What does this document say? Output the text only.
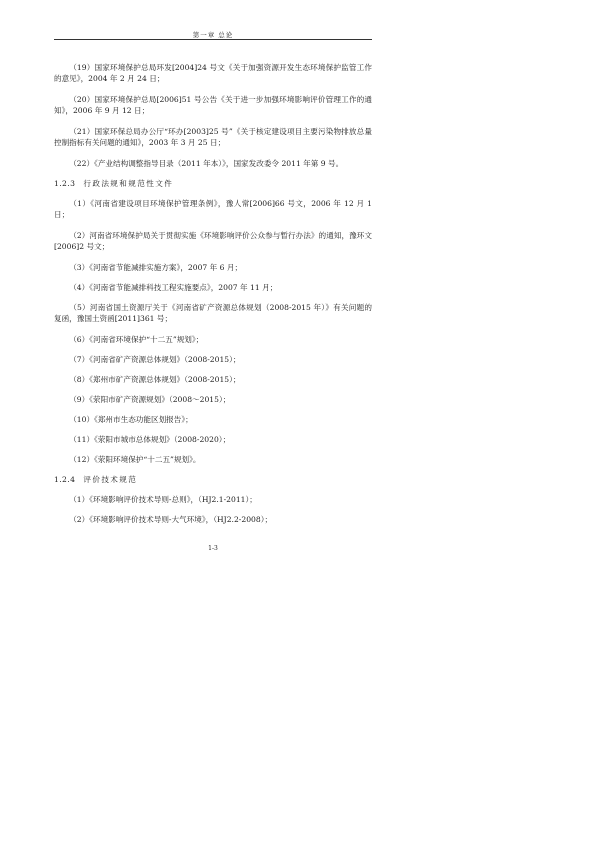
第一章 总论

（19）国家环境保护总局环发[2004]24 号文《关于加强资源开发生态环境保护监管工作的意见》，2004 年 2 月 24 日；

（20）国家环境保护总局[2006]51 号公告《关于进一步加强环境影响评价管理工作的通知》，2006 年 9 月 12 日；

（21）国家环保总局办公厅“环办[2003]25 号”《关于核定建设项目主要污染物排放总量控制指标有关问题的通知》，2003 年 3 月 25 日；

（22）《产业结构调整指导目录（2011 年本）》，国家发改委令 2011 年第 9 号。

1.2.3 行政法规和规范性文件

（1）《河南省建设项目环境保护管理条例》，豫人常[2006]66 号文，2006 年 12 月 1 日；

（2）河南省环境保护局关于贯彻实施《环境影响评价公众参与暂行办法》的通知，豫环文[2006]2 号文；

（3）《河南省节能减排实施方案》，2007 年 6 月；

（4）《河南省节能减排科技工程实施要点》，2007 年 11 月；

（5）河南省国土资源厅关于《河南省矿产资源总体规划（2008-2015 年）》有关问题的复函，豫国土资函[2011]361 号；

（6）《河南省环境保护“十二五”规划》；

（7）《河南省矿产资源总体规划》（2008-2015）；

（8）《郑州市矿产资源总体规划》（2008-2015）；

（9）《荥阳市矿产资源规划》（2008～2015）；

（10）《郑州市生态功能区划报告》；

（11）《荥阳市城市总体规划》（2008-2020）；

（12）《荥阳环境保护“十二五”规划》。

1.2.4 评价技术规范

（1）《环境影响评价技术导则-总则》，（HJ2.1-2011）；

（2）《环境影响评价技术导则-大气环境》，（HJ2.2-2008）；

1-3
